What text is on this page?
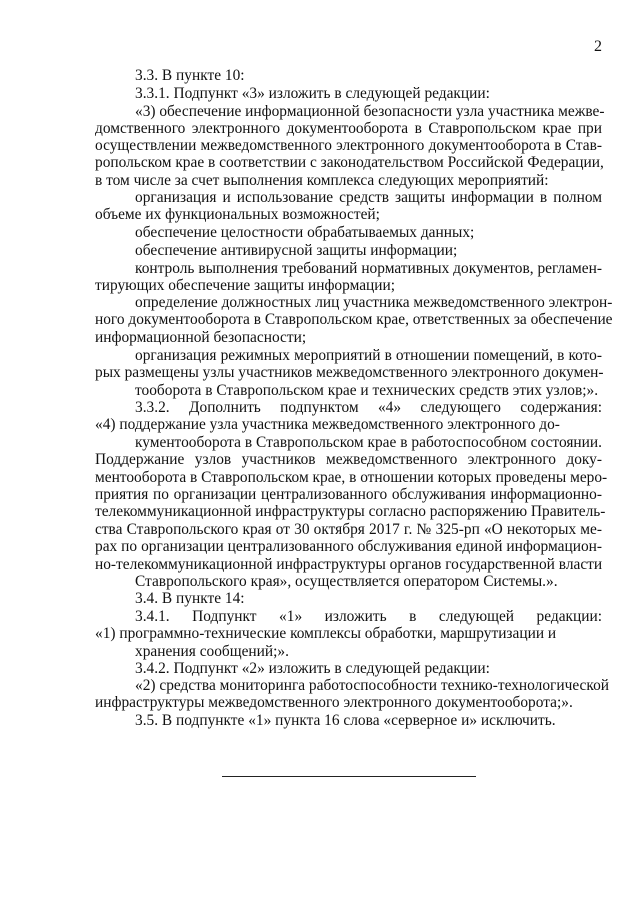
2
3.3. В пункте 10:
3.3.1. Подпункт «3» изложить в следующей редакции:
«3) обеспечение информационной безопасности узла участника межве-
домственного электронного документооборота в Ставропольском крае при
осуществлении межведомственного электронного документооборота в Став-
ропольском крае в соответствии с законодательством Российской Федерации,
в том числе за счет выполнения комплекса следующих мероприятий:
организация и использование средств защиты информации в полном
объеме их функциональных возможностей;
обеспечение целостности обрабатываемых данных;
обеспечение антивирусной защиты информации;
контроль выполнения требований нормативных документов, регламен-
тирующих обеспечение защиты информации;
определение должностных лиц участника межведомственного электрон-
ного документооборота в Ставропольском крае, ответственных за обеспечение
информационной безопасности;
организация режимных мероприятий в отношении помещений, в кото-
рых размещены узлы участников межведомственного электронного докумен-
тооборота в Ставропольском крае и технических средств этих узлов;».
3.3.2. Дополнить подпунктом «4» следующего содержания:
«4) поддержание узла участника межведомственного электронного до-
кументооборота в Ставропольском крае в работоспособном состоянии.
Поддержание узлов участников межведомственного электронного доку-
ментооборота в Ставропольском крае, в отношении которых проведены меро-
приятия по организации централизованного обслуживания информационно-
телекоммуникационной инфраструктуры согласно распоряжению Правитель-
ства Ставропольского края от 30 октября 2017 г. № 325-рп «О некоторых ме-
рах по организации централизованного обслуживания единой информацион-
но-телекоммуникационной инфраструктуры органов государственной власти
Ставропольского края», осуществляется оператором Системы.».
3.4. В пункте 14:
3.4.1. Подпункт «1» изложить в следующей редакции:
«1) программно-технические комплексы обработки, маршрутизации и
хранения сообщений;».
3.4.2. Подпункт «2» изложить в следующей редакции:
«2) средства мониторинга работоспособности технико-технологической
инфраструктуры межведомственного электронного документооборота;».
3.5. В подпункте «1» пункта 16 слова «серверное и» исключить.
